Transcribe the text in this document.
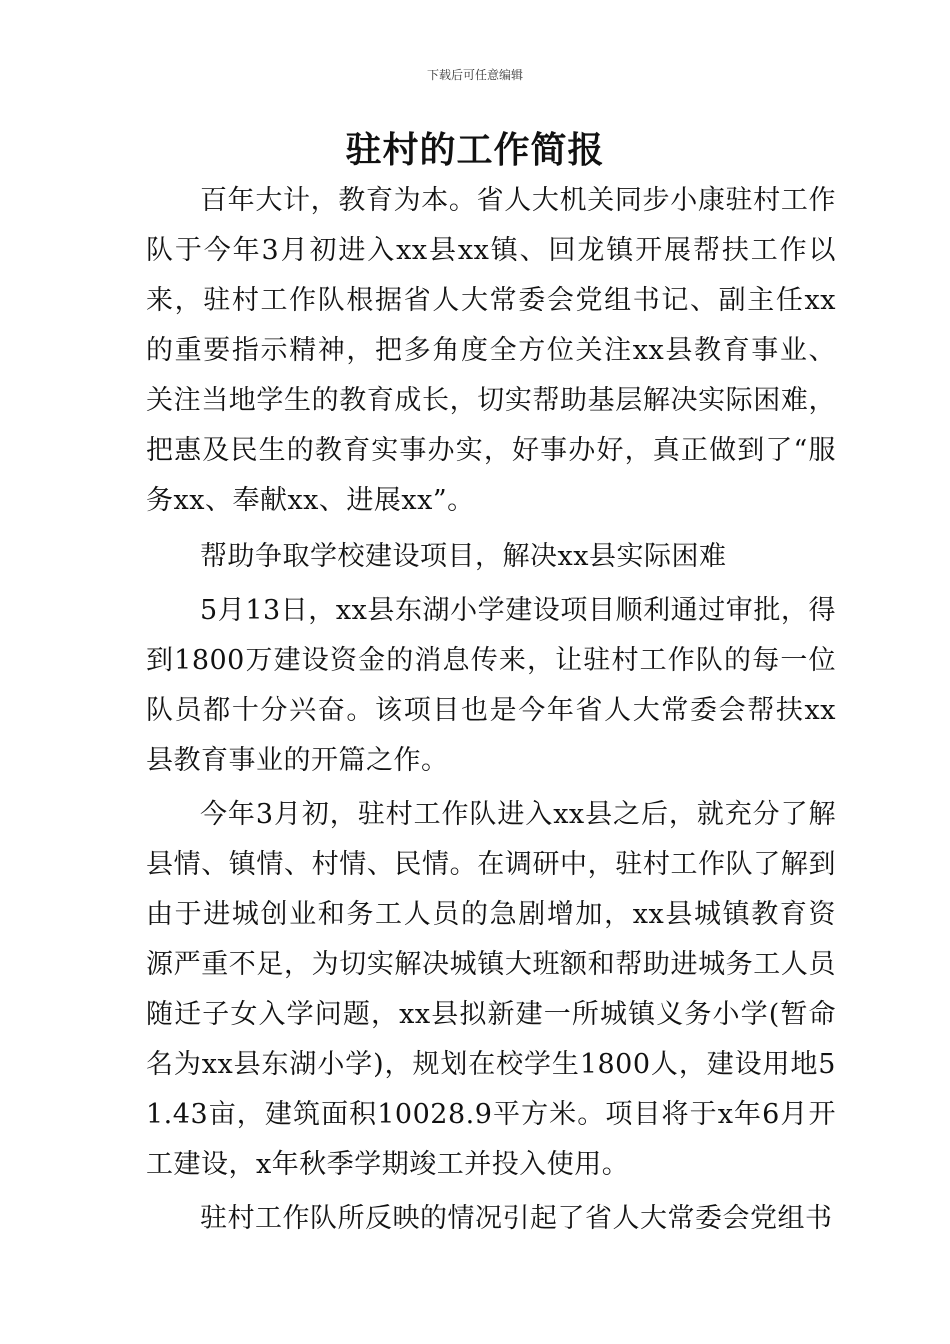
下载后可任意编辑
驻村的工作简报

百年大计，教育为本。省人大机关同步小康驻村工作队于今年3月初进入xx县xx镇、回龙镇开展帮扶工作以来，驻村工作队根据省人大常委会党组书记、副主任xx的重要指示精神，把多角度全方位关注xx县教育事业、关注当地学生的教育成长，切实帮助基层解决实际困难，把惠及民生的教育实事办实，好事办好，真正做到了“服务xx、奉献xx、进展xx”。

帮助争取学校建设项目，解决xx县实际困难

5月13日，xx县东湖小学建设项目顺利通过审批，得到1800万建设资金的消息传来，让驻村工作队的每一位队员都十分兴奋。该项目也是今年省人大常委会帮扶xx县教育事业的开篇之作。

今年3月初，驻村工作队进入xx县之后，就充分了解县情、镇情、村情、民情。在调研中，驻村工作队了解到由于进城创业和务工人员的急剧增加，xx县城镇教育资源严重不足，为切实解决城镇大班额和帮助进城务工人员随迁子女入学问题，xx县拟新建一所城镇义务小学(暂命名为xx县东湖小学)，规划在校学生1800人，建设用地51.43亩，建筑面积10028.9平方米。项目将于x年6月开工建设，x年秋季学期竣工并投入使用。

驻村工作队所反映的情况引起了省人大常委会党组书
